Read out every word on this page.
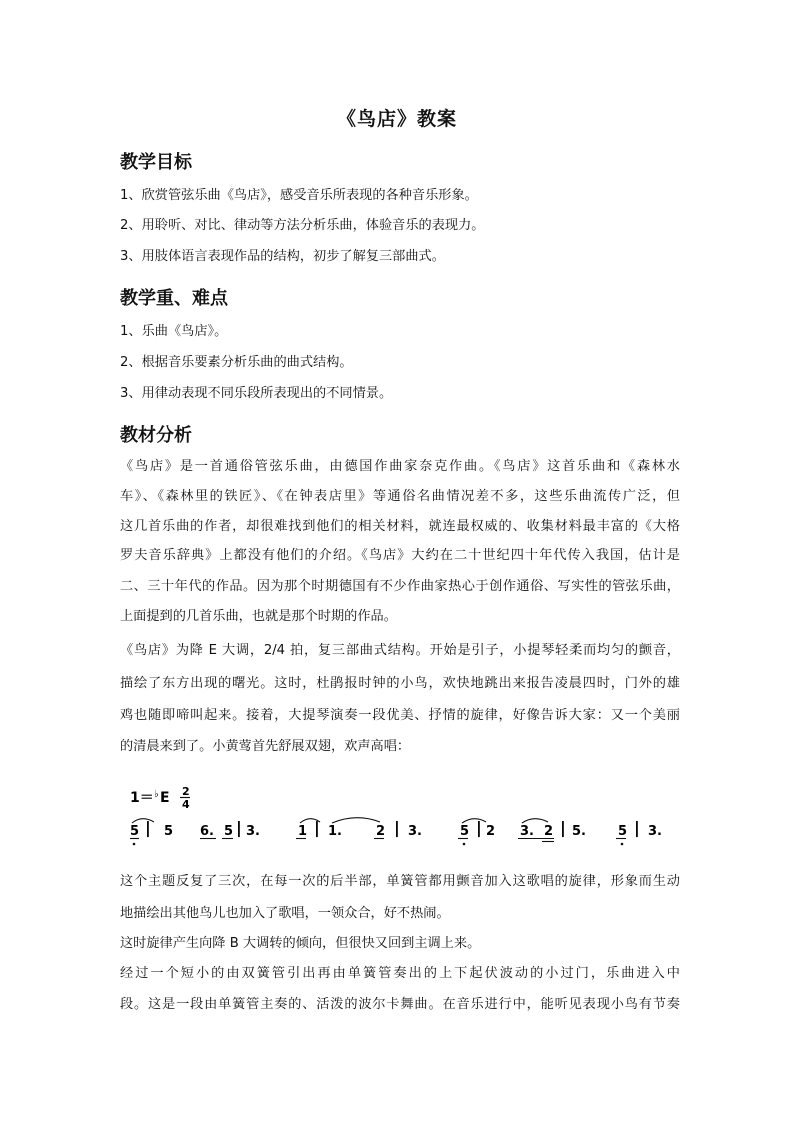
《鸟店》教案
教学目标
1、欣赏管弦乐曲《鸟店》，感受音乐所表现的各种音乐形象。
2、用聆听、对比、律动等方法分析乐曲，体验音乐的表现力。
3、用肢体语言表现作品的结构，初步了解复三部曲式。
教学重、难点
1、乐曲《鸟店》。
2、根据音乐要素分析乐曲的曲式结构。
3、用律动表现不同乐段所表现出的不同情景。
教材分析
《鸟店》是一首通俗管弦乐曲，由德国作曲家奈克作曲。《鸟店》这首乐曲和《森林水
车》、《森林里的铁匠》、《在钟表店里》等通俗名曲情况差不多，这些乐曲流传广泛，但
这几首乐曲的作者，却很难找到他们的相关材料，就连最权威的、收集材料最丰富的《大格
罗夫音乐辞典》上都没有他们的介绍。《鸟店》大约在二十世纪四十年代传入我国，估计是
二、三十年代的作品。因为那个时期德国有不少作曲家热心于创作通俗、写实性的管弦乐曲，
上面提到的几首乐曲，也就是那个时期的作品。
《鸟店》为降 E 大调，2/4 拍，复三部曲式结构。开始是引子，小提琴轻柔而均匀的颤音，
描绘了东方出现的曙光。这时，杜鹃报时钟的小鸟，欢快地跳出来报告凌晨四时，门外的雄
鸡也随即啼叫起来。接着，大提琴演奏一段优美、抒情的旋律，好像告诉大家：又一个美丽
的清晨来到了。小黄莺首先舒展双翅，欢声高唱：
1＝ ♭ E 2
4
5 | 5 6. 5 | 3.	1 | 1.	2 | 3.	5 | 2 3. 2 | 5. 5 | 3.
这个主题反复了三次，在每一次的后半部，单簧管都用颤音加入这歌唱的旋律，形象而生动
地描绘出其他鸟儿也加入了歌唱，一领众合，好不热闹。
这时旋律产生向降 B 大调转的倾向，但很快又回到主调上来。
经过一个短小的由双簧管引出再由单簧管奏出的上下起伏波动的小过门，乐曲进入中
段。这是一段由单簧管主奏的、活泼的波尔卡舞曲。在音乐进行中，能听见表现小鸟有节奏
